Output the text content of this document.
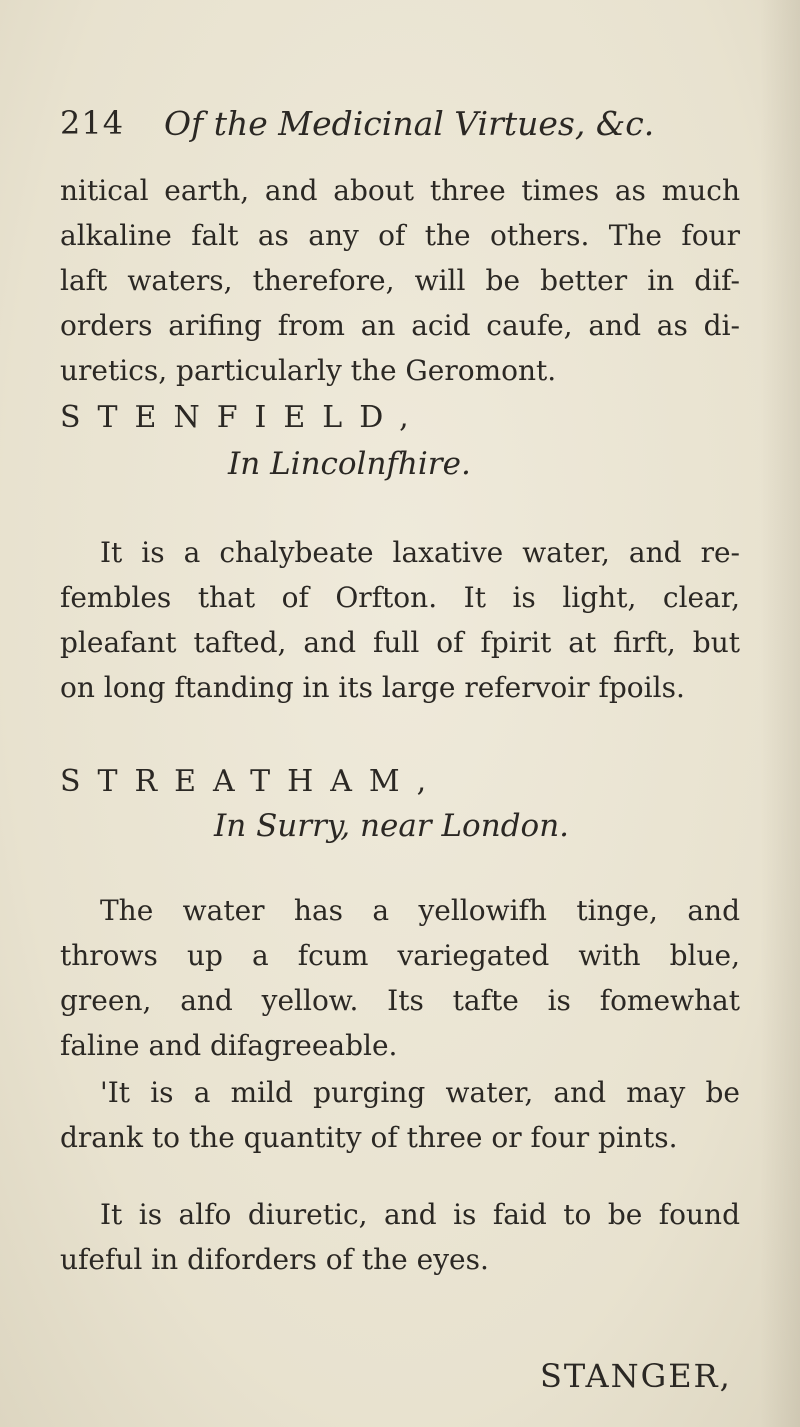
214 Of the Medicinal Virtues, &c.
nitical earth, and about three times as much
alkaline falt as any of the others. The four
laft waters, therefore, will be better in dif-
orders arifing from an acid caufe, and as di-
uretics, particularly the Geromont.
STENFIELD,
In Lincolnfhire.
It is a chalybeate laxative water, and re-
fembles that of Orfton. It is light, clear,
pleafant tafted, and full of fpirit at firft, but
on long ftanding in its large refervoir fpoils.
STREATHAM,
In Surry, near London.
The water has a yellowifh tinge, and
throws up a fcum variegated with blue,
green, and yellow. Its tafte is fomewhat
faline and difagreeable.
'It is a mild purging water, and may be
drank to the quantity of three or four pints.
It is alfo diuretic, and is faid to be found
ufeful in diforders of the eyes.
STANGER,
